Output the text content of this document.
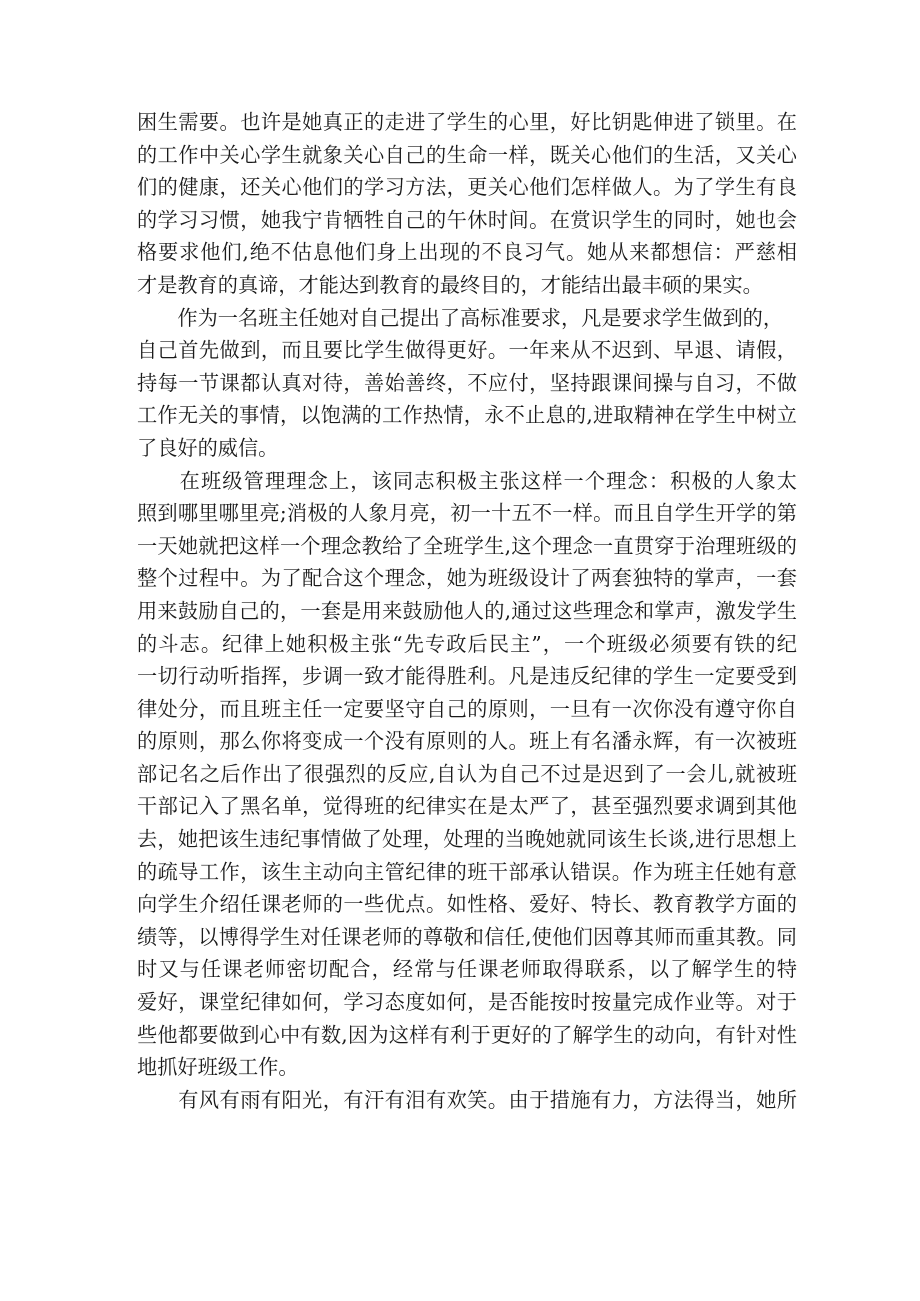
困生需要。也许是她真正的走进了学生的心里，好比钥匙伸进了锁里。在
的工作中关心学生就象关心自己的生命一样，既关心他们的生活，又关心
们的健康，还关心他们的学习方法，更关心他们怎样做人。为了学生有良
的学习习惯，她我宁肯牺牲自己的午休时间。在赏识学生的同时，她也会
格要求他们,绝不估息他们身上出现的不良习气。她从来都想信：严慈相
才是教育的真谛，才能达到教育的最终目的，才能结出最丰硕的果实。
　　作为一名班主任她对自己提出了高标准要求，凡是要求学生做到的，
自己首先做到，而且要比学生做得更好。一年来从不迟到、早退、请假，
持每一节课都认真对待，善始善终，不应付，坚持跟课间操与自习，不做
工作无关的事情，以饱满的工作热情，永不止息的,进取精神在学生中树立
了良好的威信。
　　在班级管理理念上，该同志积极主张这样一个理念：积极的人象太
照到哪里哪里亮;消极的人象月亮，初一十五不一样。而且自学生开学的第
一天她就把这样一个理念教给了全班学生,这个理念一直贯穿于治理班级的
整个过程中。为了配合这个理念，她为班级设计了两套独特的掌声，一套
用来鼓励自己的，一套是用来鼓励他人的,通过这些理念和掌声，激发学生
的斗志。纪律上她积极主张“先专政后民主”，一个班级必须要有铁的纪
一切行动听指挥，步调一致才能得胜利。凡是违反纪律的学生一定要受到
律处分，而且班主任一定要坚守自己的原则，一旦有一次你没有遵守你自
的原则，那么你将变成一个没有原则的人。班上有名潘永辉，有一次被班
部记名之后作出了很强烈的反应,自认为自己不过是迟到了一会儿,就被班
干部记入了黑名单，觉得班的纪律实在是太严了，甚至强烈要求调到其他
去，她把该生违纪事情做了处理，处理的当晚她就同该生长谈,进行思想上
的疏导工作，该生主动向主管纪律的班干部承认错误。作为班主任她有意
向学生介绍任课老师的一些优点。如性格、爱好、特长、教育教学方面的
绩等，以博得学生对任课老师的尊敬和信任,使他们因尊其师而重其教。同
时又与任课老师密切配合，经常与任课老师取得联系，以了解学生的特
爱好，课堂纪律如何，学习态度如何，是否能按时按量完成作业等。对于
些他都要做到心中有数,因为这样有利于更好的了解学生的动向，有针对性
地抓好班级工作。
　　有风有雨有阳光，有汗有泪有欢笑。由于措施有力，方法得当，她所
